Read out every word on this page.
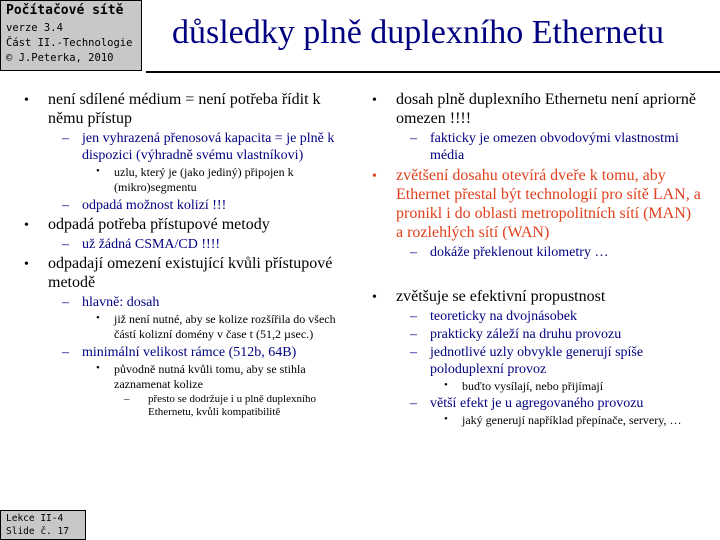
Počítačové sítě
verze 3.4
Část II.-Technologie
© J.Peterka, 2010
důsledky plně duplexního Ethernetu
• není sdílené médium = není potřeba řídit k němu přístup
– jen vyhrazená přenosová kapacita = je plně k dispozici (výhradně svému vlastníkovi)
• uzlu, který je (jako jediný) připojen k (mikro)segmentu
– odpadá možnost kolizí !!!
• odpadá potřeba přístupové metody
– už žádná CSMA/CD !!!!
• odpadají omezení existující kvůli přístupové metodě
– hlavně: dosah
• již není nutné, aby se kolize rozšířila do všech částí kolizní domény v čase t (51,2 µsec.)
– minimální velikost rámce (512b, 64B)
• původně nutná kvůli tomu, aby se stihla zaznamenat kolize
– přesto se dodržuje i u plně duplexního Ethernetu, kvůli kompatibilitě
• dosah plně duplexního Ethernetu není apriorně omezen !!!!
– fakticky je omezen obvodovými vlastnostmi média
• zvětšení dosahu otevírá dveře k tomu, aby Ethernet přestal být technologií pro sítě LAN, a pronikl i do oblasti metropolitních sítí (MAN) a rozlehlých sítí (WAN)
– dokáže překlenout kilometry …
• zvětšuje se efektivní propustnost
– teoreticky na dvojnásobek
– prakticky záleží na druhu provozu
– jednotlivé uzly obvykle generují spíše poloduplexní provoz
• buďto vysílají, nebo přijímají
– větší efekt je u agregovaného provozu
• jaký generují například přepínače, servery, …
Lekce II-4
Slide č. 17
